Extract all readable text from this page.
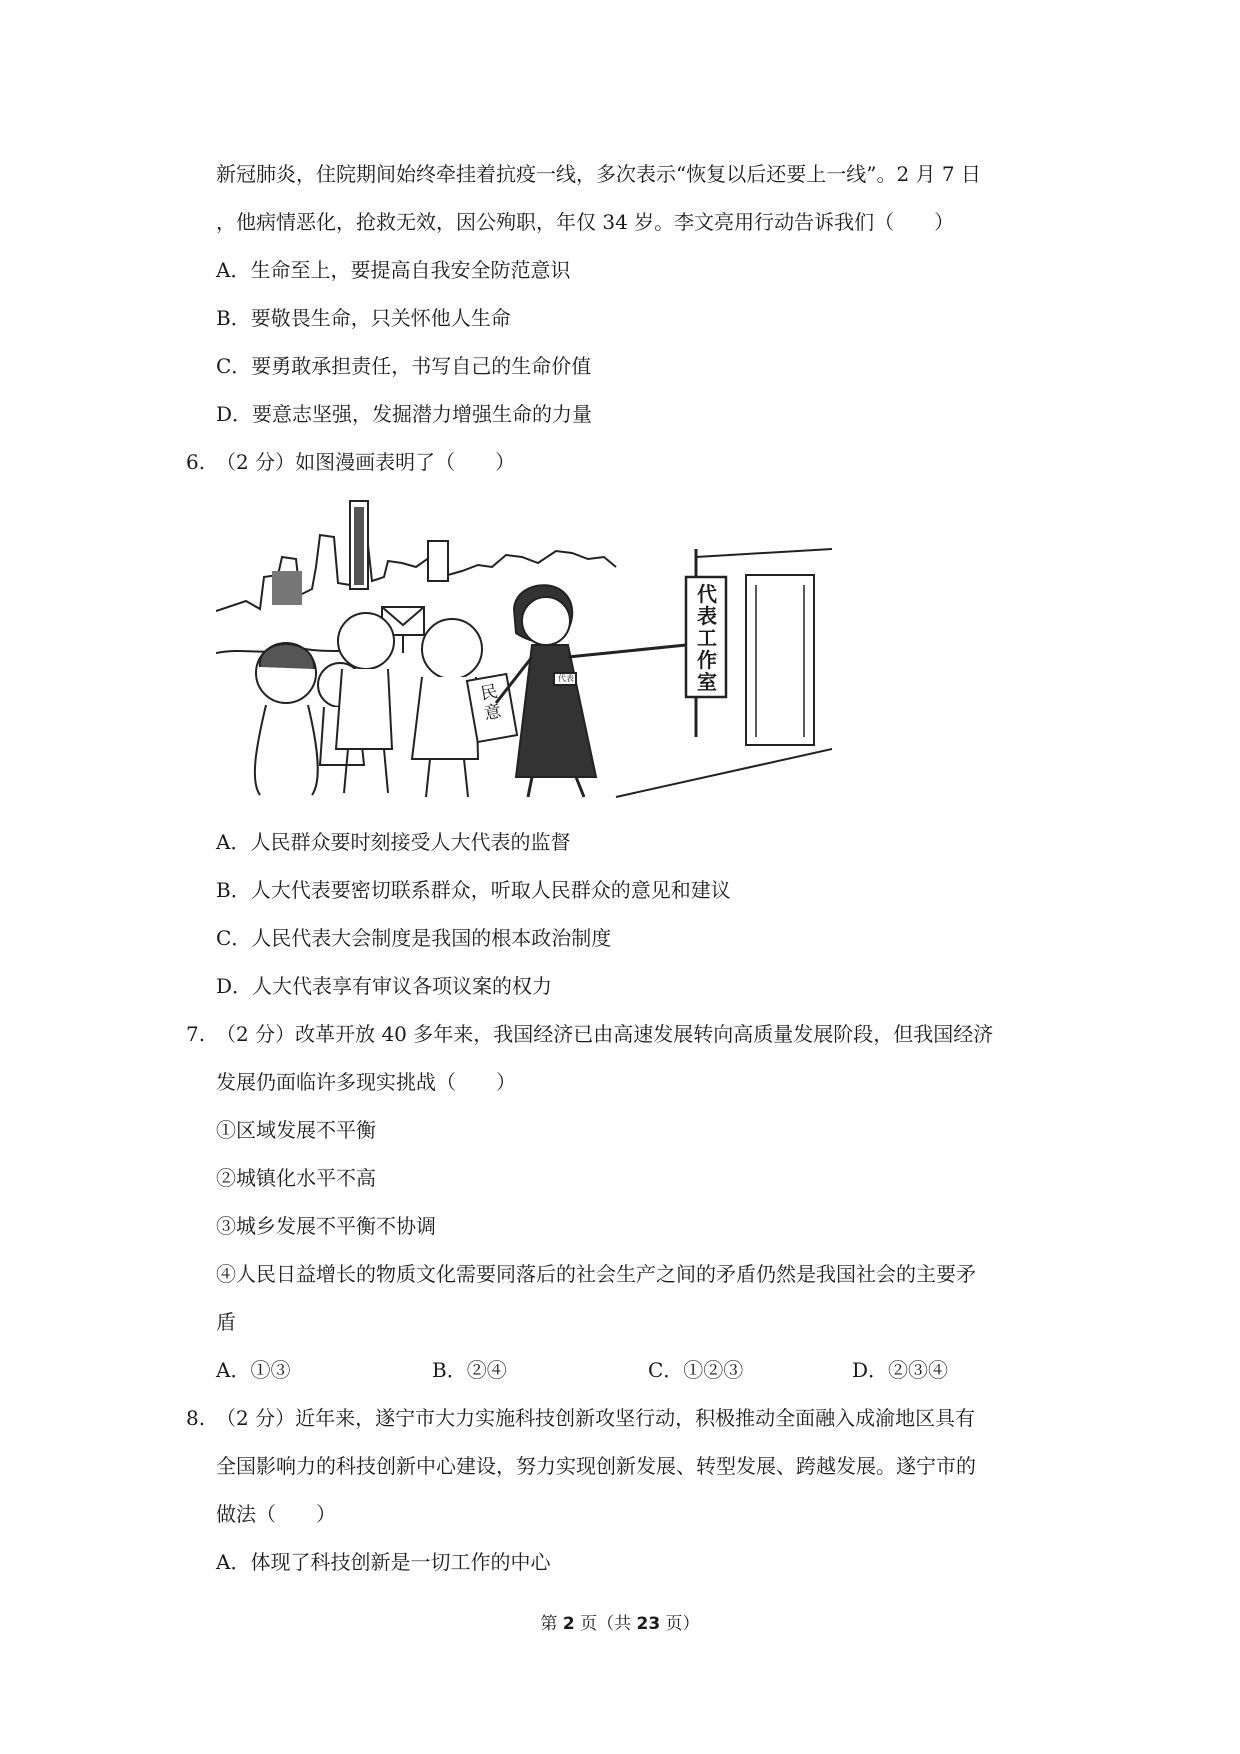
新冠肺炎，住院期间始终牵挂着抗疫一线，多次表示“恢复以后还要上一线”。2 月 7 日
，他病情恶化，抢救无效，因公殉职，年仅 34 岁。李文亮用行动告诉我们（　　）
A．生命至上，要提高自我安全防范意识
B．要敬畏生命，只关怀他人生命
C．要勇敢承担责任，书写自己的生命价值
D．要意志坚强，发掘潜力增强生命的力量
6. （2 分）如图漫画表明了（　　）
代
表
工
作
室
民
意
代表
A．人民群众要时刻接受人大代表的监督
B．人大代表要密切联系群众，听取人民群众的意见和建议
C．人民代表大会制度是我国的根本政治制度
D．人大代表享有审议各项议案的权力
7. （2 分）改革开放 40 多年来，我国经济已由高速发展转向高质量发展阶段，但我国经济
发展仍面临许多现实挑战（　　）
①区域发展不平衡
②城镇化水平不高
③城乡发展不平衡不协调
④人民日益增长的物质文化需要同落后的社会生产之间的矛盾仍然是我国社会的主要矛
盾
A．①③	B．②④	C．①②③	D．②③④
8. （2 分）近年来，遂宁市大力实施科技创新攻坚行动，积极推动全面融入成渝地区具有
全国影响力的科技创新中心建设，努力实现创新发展、转型发展、跨越发展。遂宁市的
做法（　　）
A．体现了科技创新是一切工作的中心
第 2 页（共 23 页）
